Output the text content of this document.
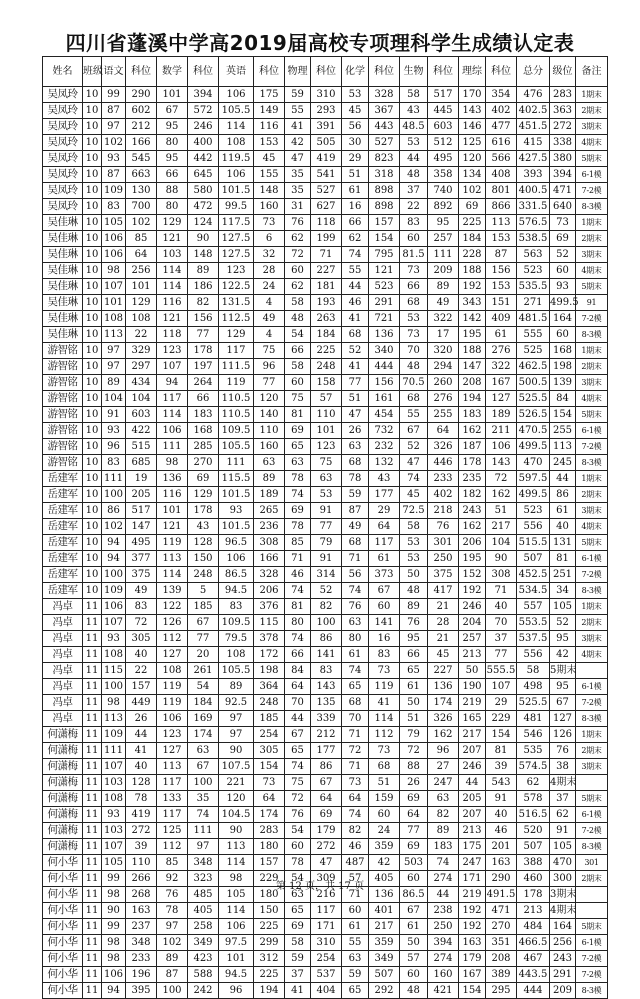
四川省蓬溪中学高2019届高校专项理科学生成绩认定表
姓名	班级	语文	科位	数学	科位	英语	科位	物理	科位	化学	科位	生物	科位	理综	科位	总分	级位	备注
吴凤玲	10	99	290	101	394	106	175	59	310	53	328	58	517	170	354	476	283	1期末
吴凤玲	10	87	602	67	572	105.5	149	55	293	45	367	43	445	143	402	402.5	363	2期末
吴凤玲	10	97	212	95	246	114	116	41	391	56	443	48.5	603	146	477	451.5	272	3期末
吴凤玲	10	102	166	80	400	108	153	42	505	30	527	53	512	125	616	415	338	4期末
吴凤玲	10	93	545	95	442	119.5	45	47	419	29	823	44	495	120	566	427.5	380	5期末
吴凤玲	10	87	663	66	645	106	155	35	541	51	318	48	358	134	408	393	394	6-1模
吴凤玲	10	109	130	88	580	101.5	148	35	527	61	898	37	740	102	801	400.5	471	7-2模
吴凤玲	10	83	700	80	472	99.5	160	31	627	16	898	22	892	69	866	331.5	640	8-3模
吴佳琳	10	105	102	129	124	117.5	73	76	118	66	157	83	95	225	113	576.5	73	1期末
吴佳琳	10	106	85	121	90	127.5	6	62	199	62	154	60	257	184	153	538.5	69	2期末
吴佳琳	10	106	64	103	148	127.5	32	72	71	74	795	81.5	111	228	87	563	52	3期末
吴佳琳	10	98	256	114	89	123	28	60	227	55	121	73	209	188	156	523	60	4期末
吴佳琳	10	107	101	114	186	122.5	24	62	181	44	523	66	89	192	153	535.5	93	5期末
吴佳琳	10	101	129	116	82	131.5	4	58	193	46	291	68	49	343	151	271	499.5	91
吴佳琳	10	108	108	121	156	112.5	49	48	263	41	721	53	322	142	409	481.5	164	7-2模
吴佳琳	10	113	22	118	77	129	4	54	184	68	136	73	17	195	61	555	60	8-3模
游智铭	10	97	329	123	178	117	75	66	225	52	340	70	320	188	276	525	168	1期末
游智铭	10	97	297	107	197	111.5	96	58	248	41	444	48	294	147	322	462.5	198	2期末
游智铭	10	89	434	94	264	119	77	60	158	77	156	70.5	260	208	167	500.5	139	3期末
游智铭	10	104	104	117	66	110.5	120	75	57	51	161	68	276	194	127	525.5	84	4期末
游智铭	10	91	603	114	183	110.5	140	81	110	47	454	55	255	183	189	526.5	154	5期末
游智铭	10	93	422	106	168	109.5	110	69	101	26	732	67	64	162	211	470.5	255	6-1模
游智铭	10	96	515	111	285	105.5	160	65	123	63	232	52	326	187	106	499.5	113	7-2模
游智铭	10	83	685	98	270	111	63	63	75	68	132	47	446	178	143	470	245	8-3模
岳建军	10	111	19	136	69	115.5	89	78	63	78	43	74	233	235	72	597.5	44	1期末
岳建军	10	100	205	116	129	101.5	189	74	53	59	177	45	402	182	162	499.5	86	2期末
岳建军	10	86	517	101	178	93	265	69	91	87	29	72.5	218	243	51	523	61	3期末
岳建军	10	102	147	121	43	101.5	236	78	77	49	64	58	76	162	217	556	40	4期末
岳建军	10	94	495	119	128	96.5	308	85	79	68	117	53	301	206	104	515.5	131	5期末
岳建军	10	94	377	113	150	106	166	71	91	71	61	53	250	195	90	507	81	6-1模
岳建军	10	100	375	114	248	86.5	328	46	314	56	373	50	375	152	308	452.5	251	7-2模
岳建军	10	109	49	139	5	94.5	206	74	52	74	67	48	417	192	71	534.5	34	8-3模
冯卓	11	106	83	122	185	83	376	81	82	76	60	89	21	246	40	557	105	1期末
冯卓	11	107	72	126	67	109.5	115	80	100	63	141	76	28	204	70	553.5	52	2期末
冯卓	11	93	305	112	77	79.5	378	74	86	80	16	95	21	257	37	537.5	95	3期末
冯卓	11	108	40	127	20	108	172	66	141	61	83	66	45	213	77	556	42	4期末
冯卓	11	115	22	108	261	105.5	198	84	83	74	73	65	227	50	555.5	58	5期末	
冯卓	11	100	157	119	54	89	364	64	143	65	119	61	136	190	107	498	95	6-1模
冯卓	11	98	449	119	184	92.5	248	70	135	68	41	50	174	219	29	525.5	67	7-2模
冯卓	11	113	26	106	169	97	185	44	339	70	114	51	326	165	229	481	127	8-3模
何潇梅	11	109	44	123	174	97	254	67	212	71	112	79	162	217	154	546	126	1期末
何潇梅	11	111	41	127	63	90	305	65	177	72	73	72	96	207	81	535	76	2期末
何潇梅	11	107	40	113	67	107.5	154	74	86	71	68	88	27	246	39	574.5	38	3期末
何潇梅	11	103	128	117	100	221	73	75	67	73	51	26	247	44	543	62	4期末	
何潇梅	11	108	78	133	35	120	64	72	64	64	159	69	63	205	91	578	37	5期末
何潇梅	11	93	419	117	74	104.5	174	76	69	74	60	64	82	207	40	516.5	62	6-1模
何潇梅	11	103	272	125	111	90	283	54	179	82	24	77	89	213	46	520	91	7-2模
何潇梅	11	107	39	112	97	113	180	60	272	46	359	69	183	175	201	507	105	8-3模
何小华	11	105	110	85	348	114	157	78	47	487	42	503	74	247	163	388	470	301
何小华	11	99	266	92	323	98	229	54	309	57	405	60	274	171	290	460	300	2期末
何小华	11	98	268	76	485	105	180	63	216	71	136	86.5	44	219	491.5	178	3期末	
何小华	11	90	163	78	405	114	150	65	117	60	401	67	238	192	471	213	4期末	
何小华	11	99	237	97	258	106	225	69	171	61	217	61	250	192	270	484	164	5期末
何小华	11	98	348	102	349	97.5	299	58	310	55	359	50	394	163	351	466.5	256	6-1模
何小华	11	98	233	89	423	101	312	59	254	63	349	57	274	179	208	467	243	7-2模
何小华	11	106	196	87	588	94.5	225	37	537	59	507	60	160	167	389	443.5	291	7-2模
何小华	11	94	395	100	242	96	194	41	404	65	292	48	421	154	295	444	209	8-3模
第 12 页，共 17 页
